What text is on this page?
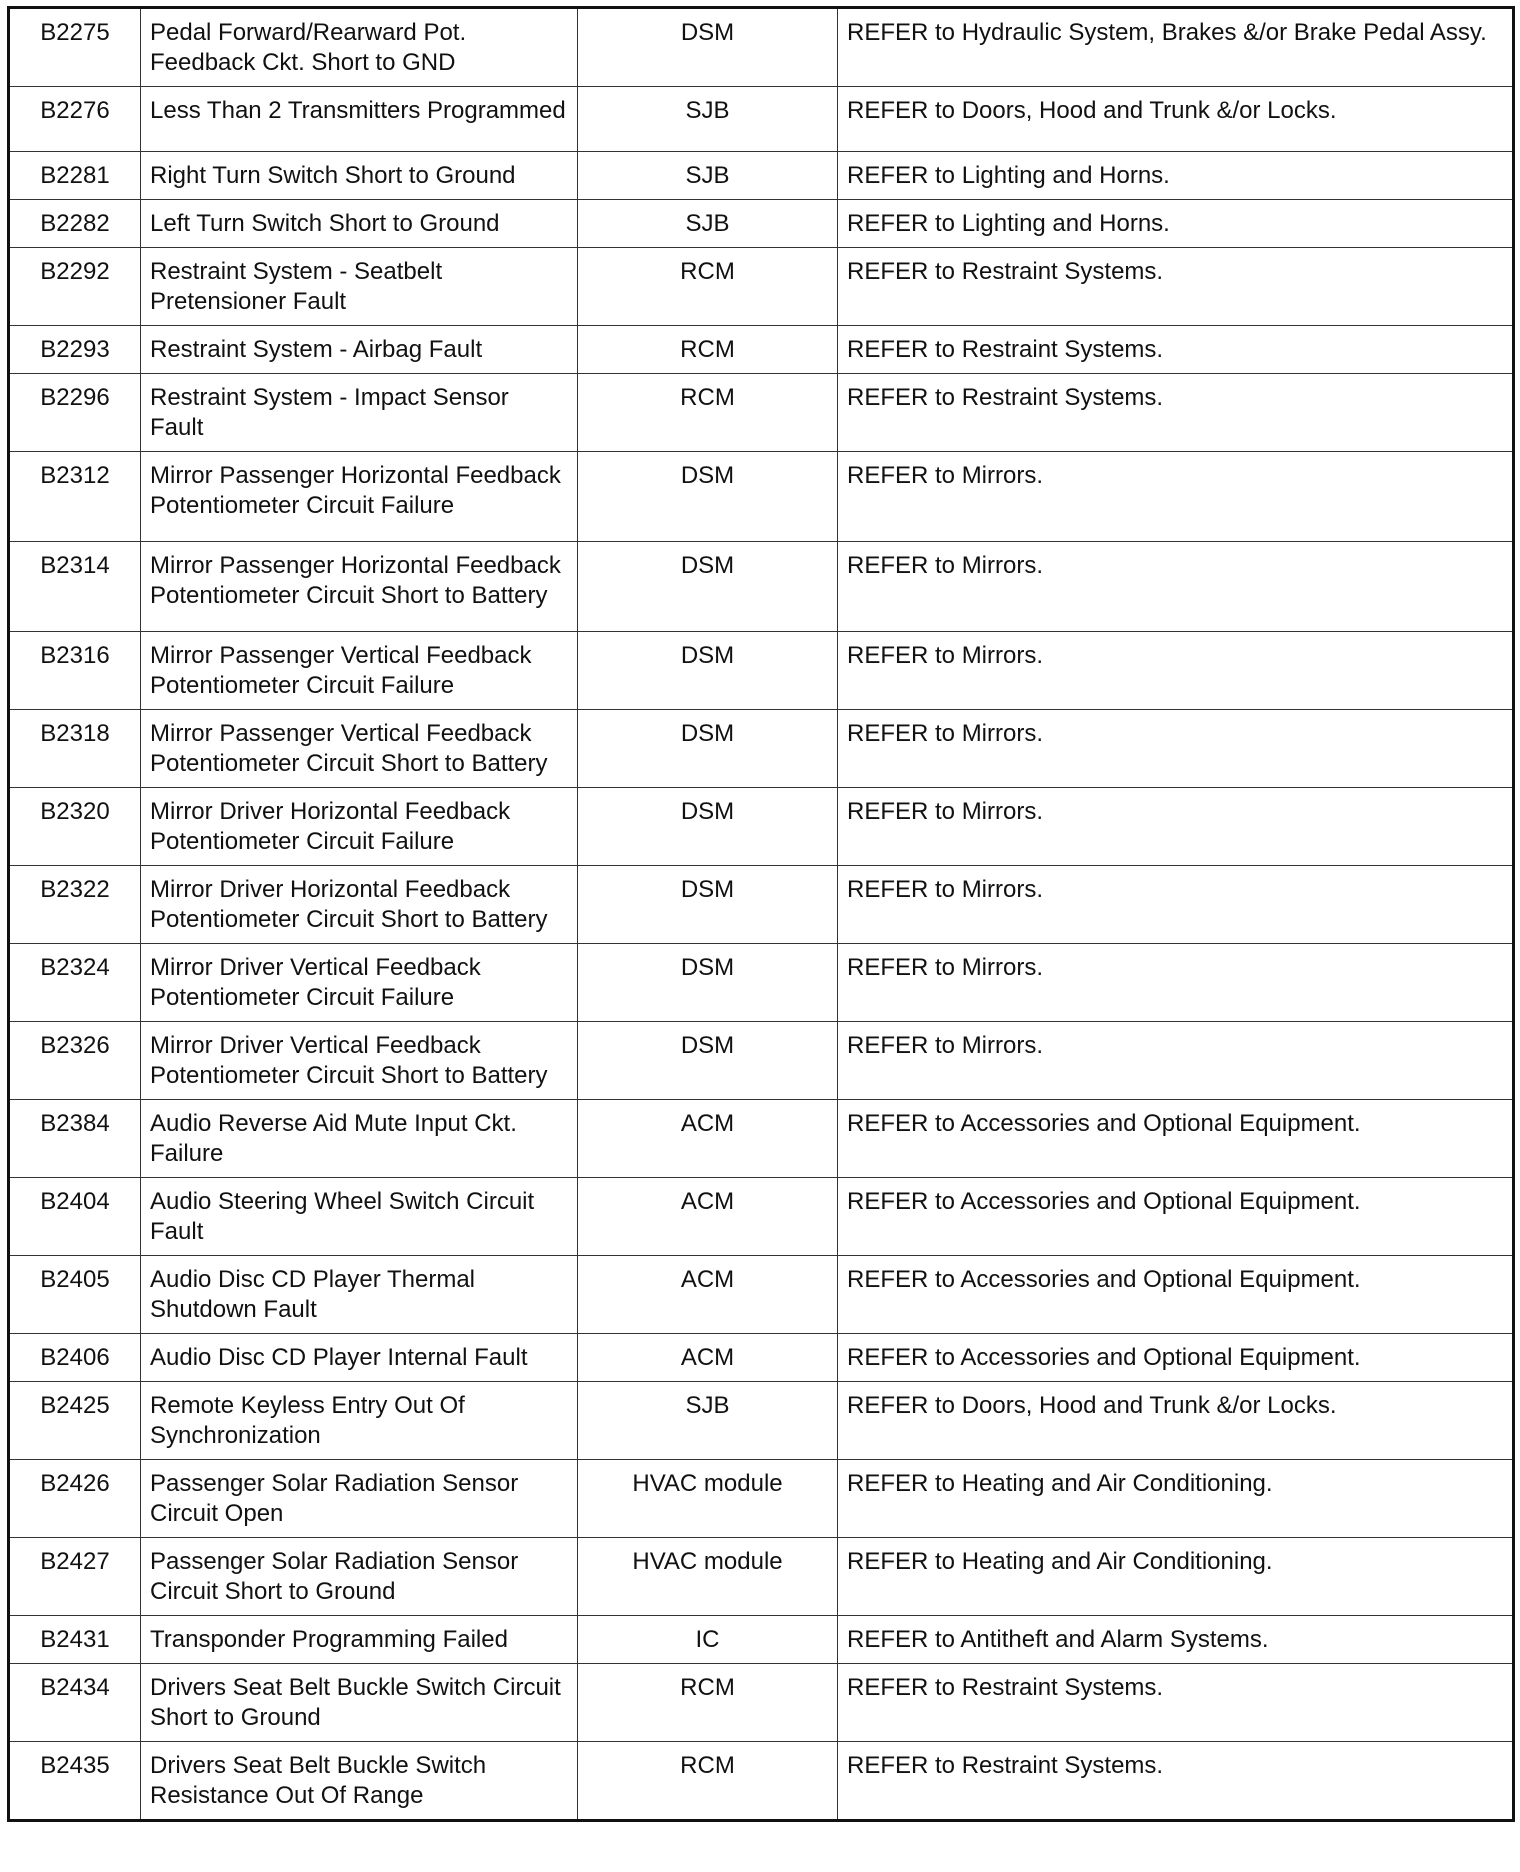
B2275	Pedal Forward/Rearward Pot. Feedback Ckt. Short to GND	DSM	REFER to Hydraulic System, Brakes &/or Brake Pedal Assy.
B2276	Less Than 2 Transmitters Programmed	SJB	REFER to Doors, Hood and Trunk &/or Locks.
B2281	Right Turn Switch Short to Ground	SJB	REFER to Lighting and Horns.
B2282	Left Turn Switch Short to Ground	SJB	REFER to Lighting and Horns.
B2292	Restraint System - Seatbelt Pretensioner Fault	RCM	REFER to Restraint Systems.
B2293	Restraint System - Airbag Fault	RCM	REFER to Restraint Systems.
B2296	Restraint System - Impact Sensor Fault	RCM	REFER to Restraint Systems.
B2312	Mirror Passenger Horizontal Feedback Potentiometer Circuit Failure	DSM	REFER to Mirrors.
B2314	Mirror Passenger Horizontal Feedback Potentiometer Circuit Short to Battery	DSM	REFER to Mirrors.
B2316	Mirror Passenger Vertical Feedback Potentiometer Circuit Failure	DSM	REFER to Mirrors.
B2318	Mirror Passenger Vertical Feedback Potentiometer Circuit Short to Battery	DSM	REFER to Mirrors.
B2320	Mirror Driver Horizontal Feedback Potentiometer Circuit Failure	DSM	REFER to Mirrors.
B2322	Mirror Driver Horizontal Feedback Potentiometer Circuit Short to Battery	DSM	REFER to Mirrors.
B2324	Mirror Driver Vertical Feedback Potentiometer Circuit Failure	DSM	REFER to Mirrors.
B2326	Mirror Driver Vertical Feedback Potentiometer Circuit Short to Battery	DSM	REFER to Mirrors.
B2384	Audio Reverse Aid Mute Input Ckt. Failure	ACM	REFER to Accessories and Optional Equipment.
B2404	Audio Steering Wheel Switch Circuit Fault	ACM	REFER to Accessories and Optional Equipment.
B2405	Audio Disc CD Player Thermal Shutdown Fault	ACM	REFER to Accessories and Optional Equipment.
B2406	Audio Disc CD Player Internal Fault	ACM	REFER to Accessories and Optional Equipment.
B2425	Remote Keyless Entry Out Of Synchronization	SJB	REFER to Doors, Hood and Trunk &/or Locks.
B2426	Passenger Solar Radiation Sensor Circuit Open	HVAC module	REFER to Heating and Air Conditioning.
B2427	Passenger Solar Radiation Sensor Circuit Short to Ground	HVAC module	REFER to Heating and Air Conditioning.
B2431	Transponder Programming Failed	IC	REFER to Antitheft and Alarm Systems.
B2434	Drivers Seat Belt Buckle Switch Circuit Short to Ground	RCM	REFER to Restraint Systems.
B2435	Drivers Seat Belt Buckle Switch Resistance Out Of Range	RCM	REFER to Restraint Systems.
